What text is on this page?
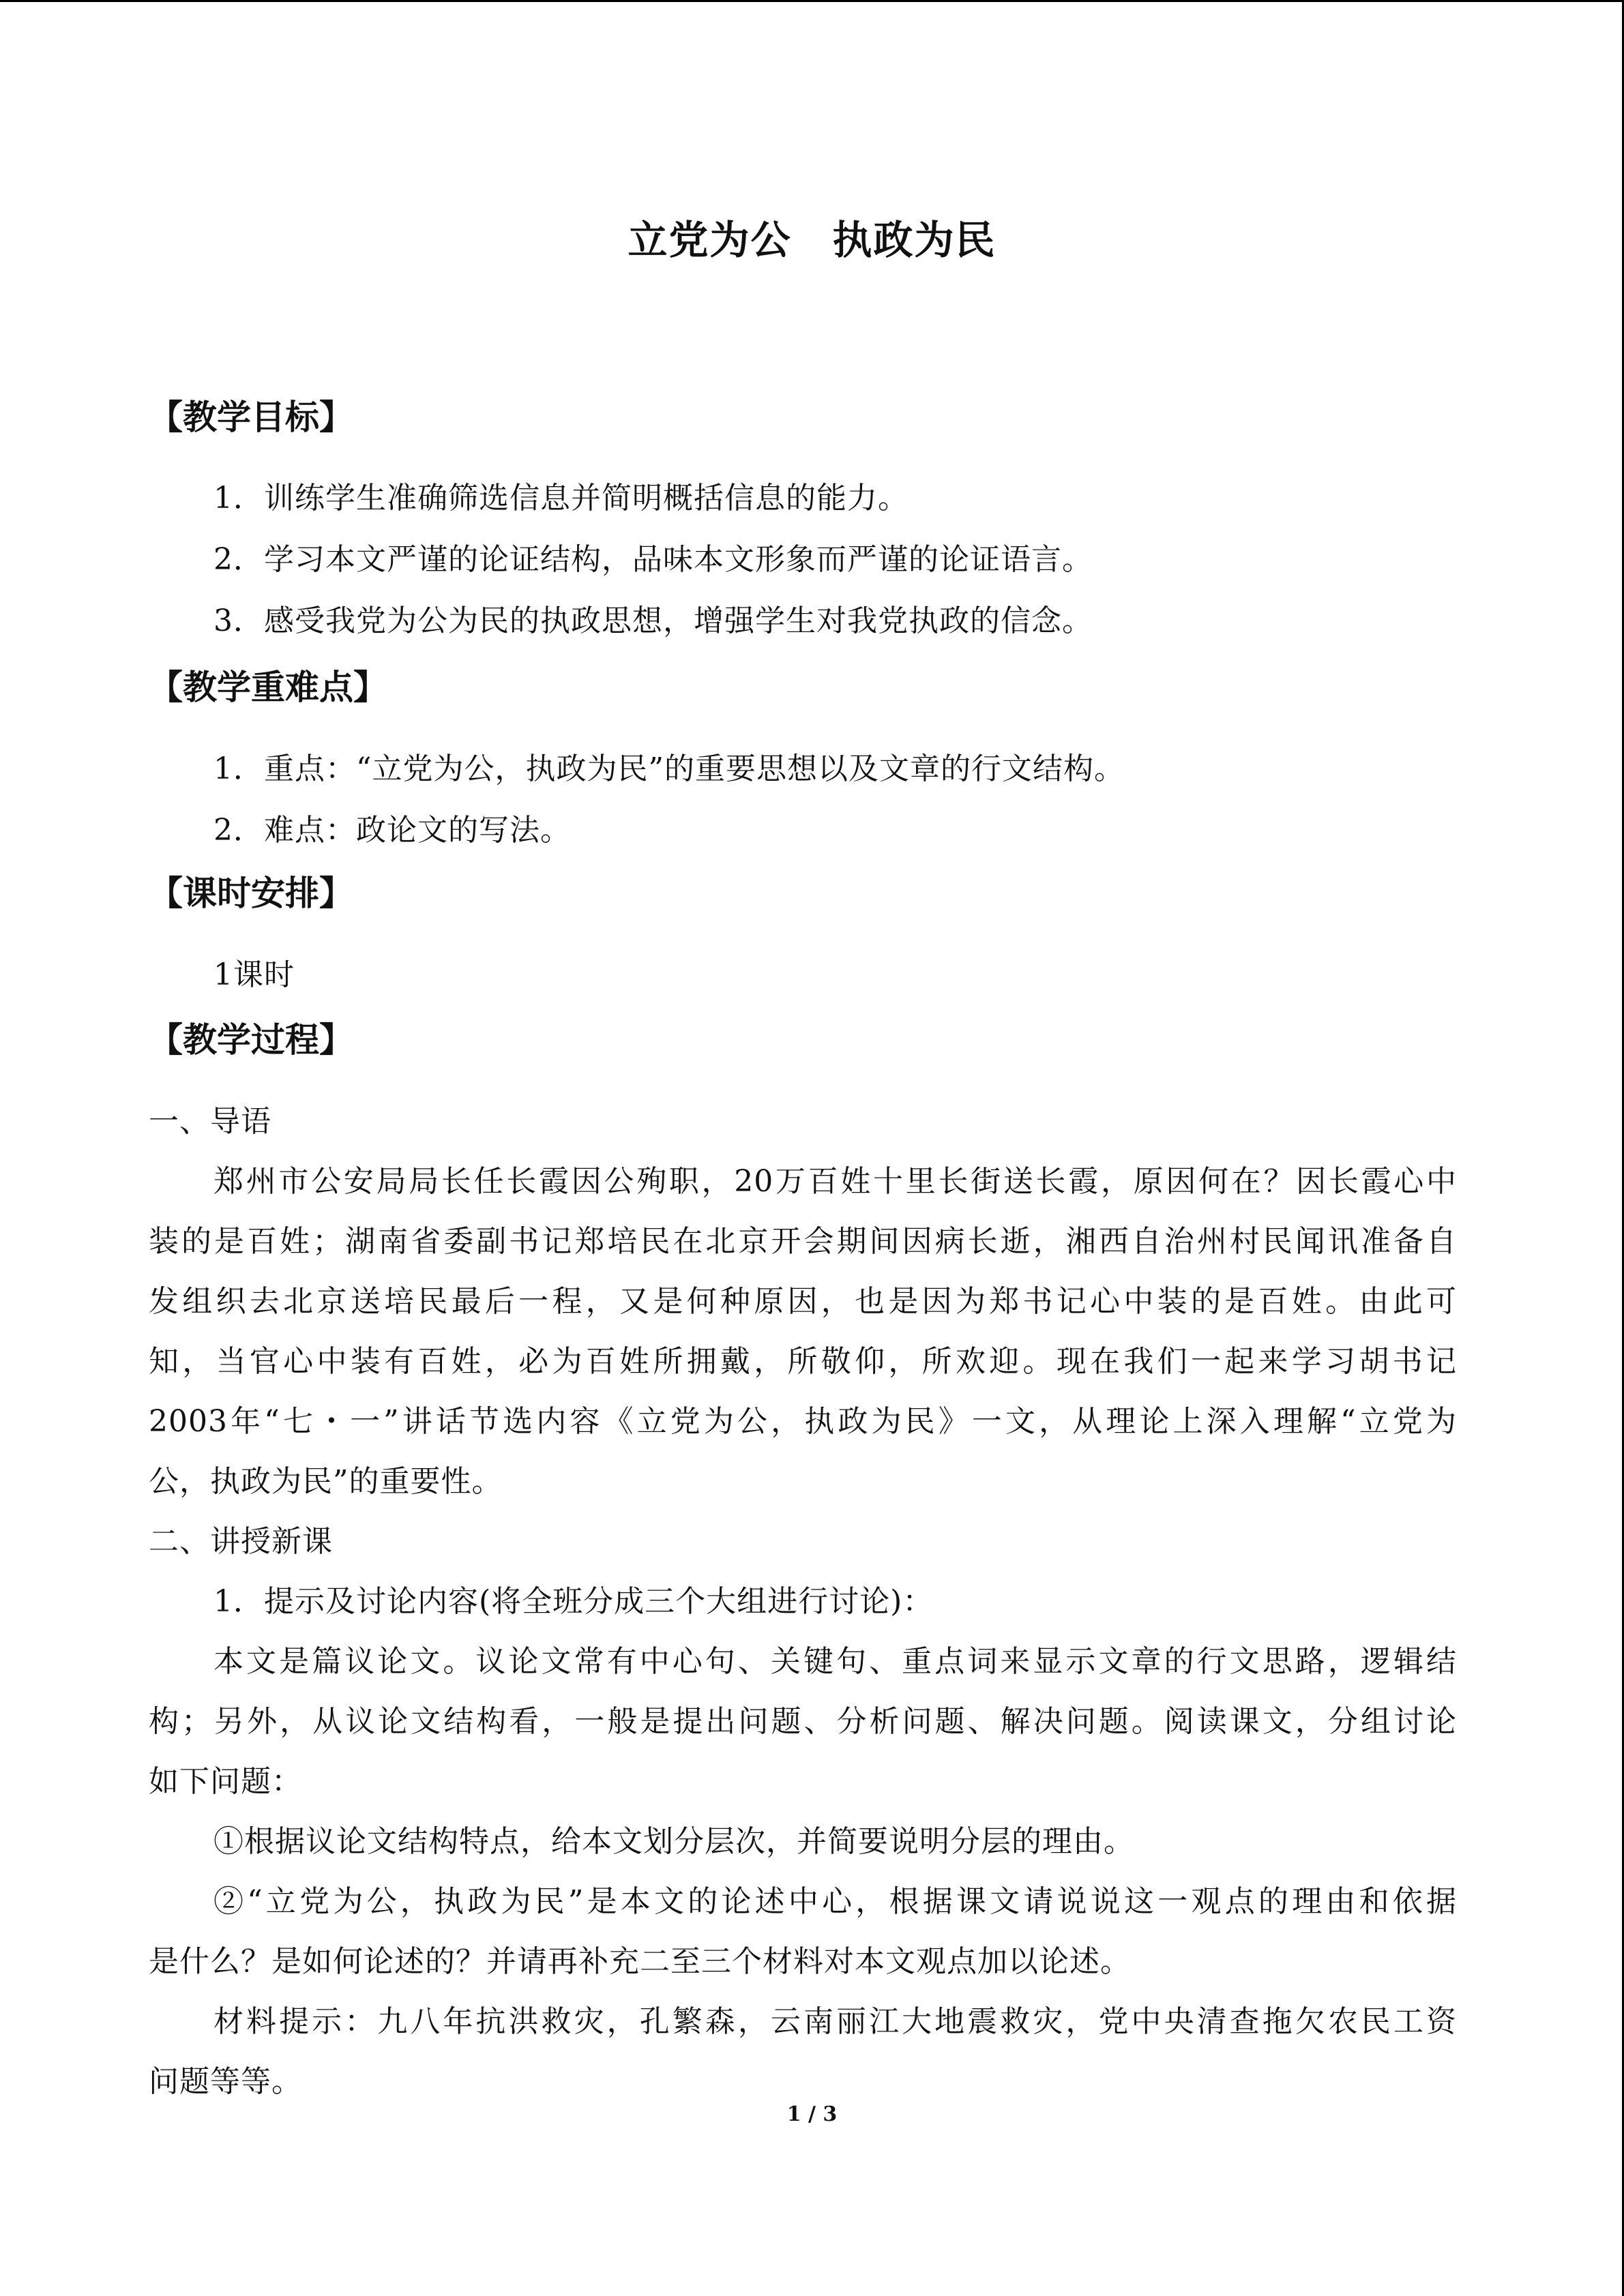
立党为公　执政为民
【教学目标】
1．训练学生准确筛选信息并简明概括信息的能力。
2．学习本文严谨的论证结构，品味本文形象而严谨的论证语言。
3．感受我党为公为民的执政思想，增强学生对我党执政的信念。
【教学重难点】
1．重点：“立党为公，执政为民”的重要思想以及文章的行文结构。
2．难点：政论文的写法。
【课时安排】
1课时
【教学过程】
一、导语
郑州市公安局局长任长霞因公殉职，20万百姓十里长街送长霞，原因何在？因长霞心中
装的是百姓；湖南省委副书记郑培民在北京开会期间因病长逝，湘西自治州村民闻讯准备自
发组织去北京送培民最后一程，又是何种原因，也是因为郑书记心中装的是百姓。由此可
知，当官心中装有百姓，必为百姓所拥戴，所敬仰，所欢迎。现在我们一起来学习胡书记
2003年“七・一”讲话节选内容《立党为公，执政为民》一文，从理论上深入理解“立党为
公，执政为民”的重要性。
二、讲授新课
1．提示及讨论内容(将全班分成三个大组进行讨论)：
本文是篇议论文。议论文常有中心句、关键句、重点词来显示文章的行文思路，逻辑结
构；另外，从议论文结构看，一般是提出问题、分析问题、解决问题。阅读课文，分组讨论
如下问题：
①根据议论文结构特点，给本文划分层次，并简要说明分层的理由。
②“立党为公，执政为民”是本文的论述中心，根据课文请说说这一观点的理由和依据
是什么？是如何论述的？并请再补充二至三个材料对本文观点加以论述。
材料提示：九八年抗洪救灾，孔繁森，云南丽江大地震救灾，党中央清查拖欠农民工资
问题等等。
1 / 3
